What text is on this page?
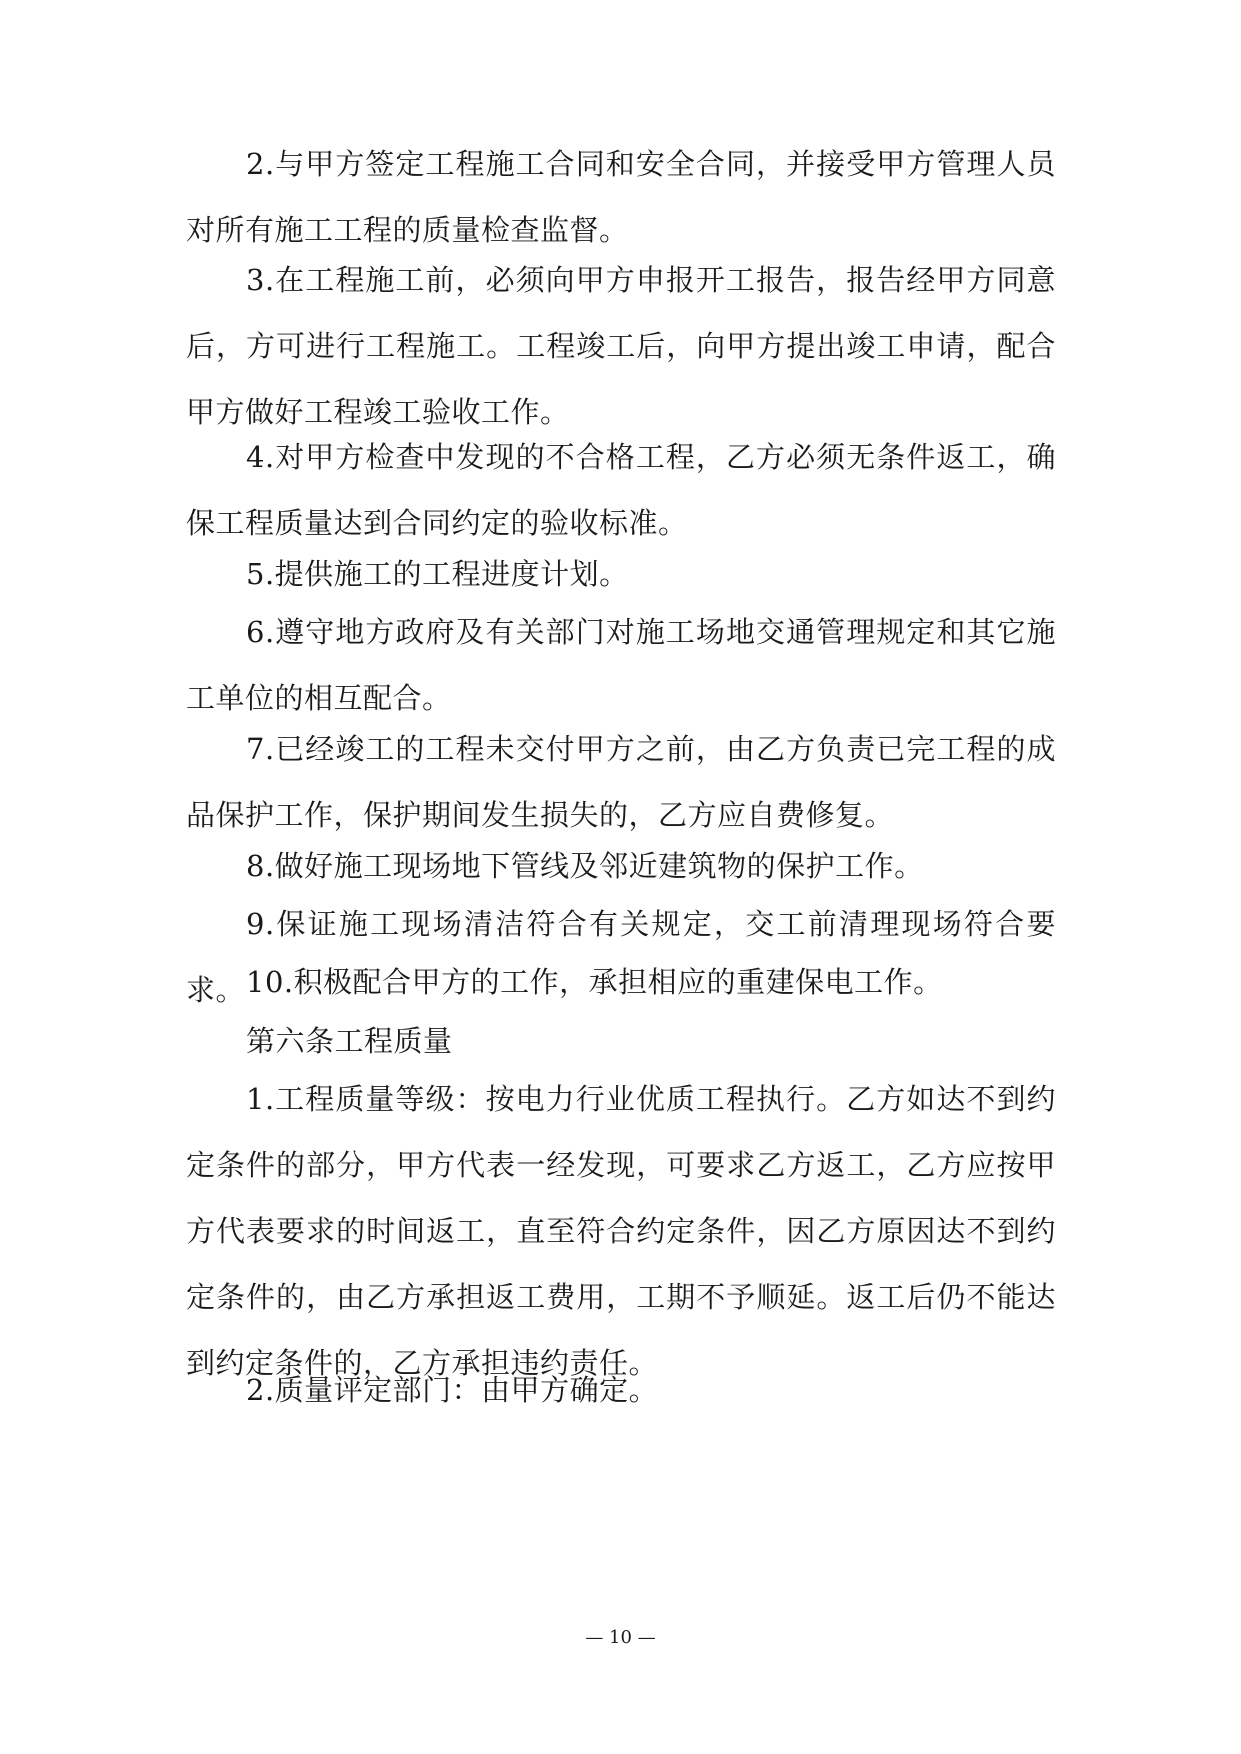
2.与甲方签定工程施工合同和安全合同，并接受甲方管理人员对所有施工工程的质量检查监督。

3.在工程施工前，必须向甲方申报开工报告，报告经甲方同意后，方可进行工程施工。工程竣工后，向甲方提出竣工申请，配合甲方做好工程竣工验收工作。

4.对甲方检查中发现的不合格工程，乙方必须无条件返工，确保工程质量达到合同约定的验收标准。

5.提供施工的工程进度计划。

6.遵守地方政府及有关部门对施工场地交通管理规定和其它施工单位的相互配合。

7.已经竣工的工程未交付甲方之前，由乙方负责已完工程的成品保护工作，保护期间发生损失的，乙方应自费修复。

8.做好施工现场地下管线及邻近建筑物的保护工作。

9.保证施工现场清洁符合有关规定，交工前清理现场符合要求。 10.积极配合甲方的工作，承担相应的重建保电工作。

第六条工程质量

1.工程质量等级：按电力行业优质工程执行。乙方如达不到约定条件的部分，甲方代表一经发现，可要求乙方返工，乙方应按甲方代表要求的时间返工，直至符合约定条件，因乙方原因达不到约定条件的，由乙方承担返工费用，工期不予顺延。返工后仍不能达到约定条件的，乙方承担违约责任。

2.质量评定部门：由甲方确定。

— 10 —
